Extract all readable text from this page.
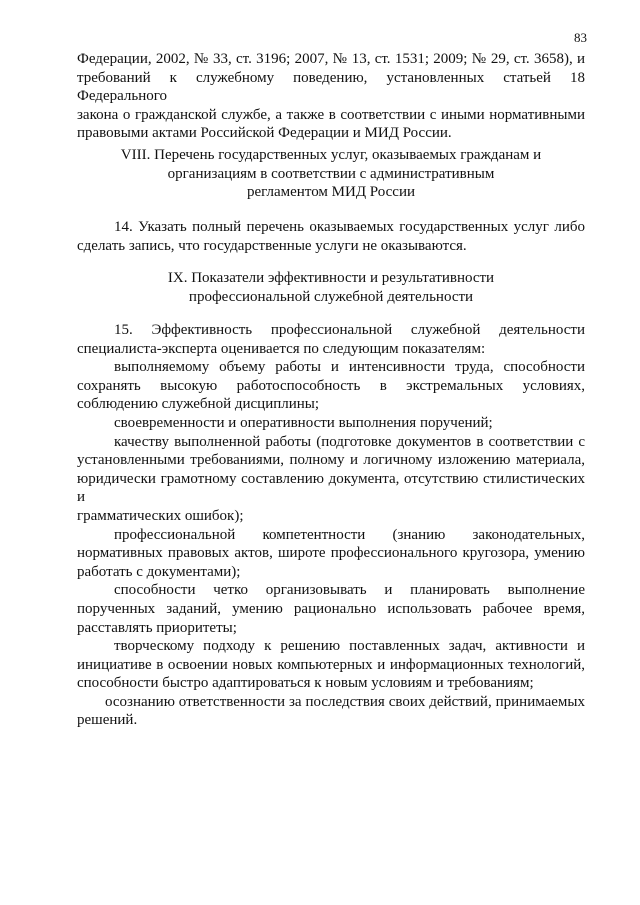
83
Федерации, 2002, № 33, ст. 3196; 2007, № 13, ст. 1531; 2009; № 29, ст. 3658), и
требований к служебному поведению, установленных статьей 18 Федерального
закона о гражданской службе, а также в соответствии с иными нормативными
правовыми актами Российской Федерации и МИД России.
VIII. Перечень государственных услуг, оказываемых гражданам и
организациям в соответствии с административным
регламентом МИД России
14. Указать полный перечень оказываемых государственных услуг либо
сделать запись, что государственные услуги не оказываются.
IX. Показатели эффективности и результативности
профессиональной служебной деятельности
15. Эффективность профессиональной служебной деятельности
специалиста-эксперта оценивается по следующим показателям:
выполняемому объему работы и интенсивности труда, способности
сохранять высокую работоспособность в экстремальных условиях,
соблюдению служебной дисциплины;
своевременности и оперативности выполнения поручений;
качеству выполненной работы (подготовке документов в соответствии с
установленными требованиями, полному и логичному изложению материала,
юридически грамотному составлению документа, отсутствию стилистических и
грамматических ошибок);
профессиональной компетентности (знанию законодательных,
нормативных правовых актов, широте профессионального кругозора, умению
работать с документами);
способности четко организовывать и планировать выполнение
порученных заданий, умению рационально использовать рабочее время,
расставлять приоритеты;
творческому подходу к решению поставленных задач, активности и
инициативе в освоении новых компьютерных и информационных технологий,
способности быстро адаптироваться к новым условиям и требованиям;
осознанию ответственности за последствия своих действий, принимаемых
решений.
